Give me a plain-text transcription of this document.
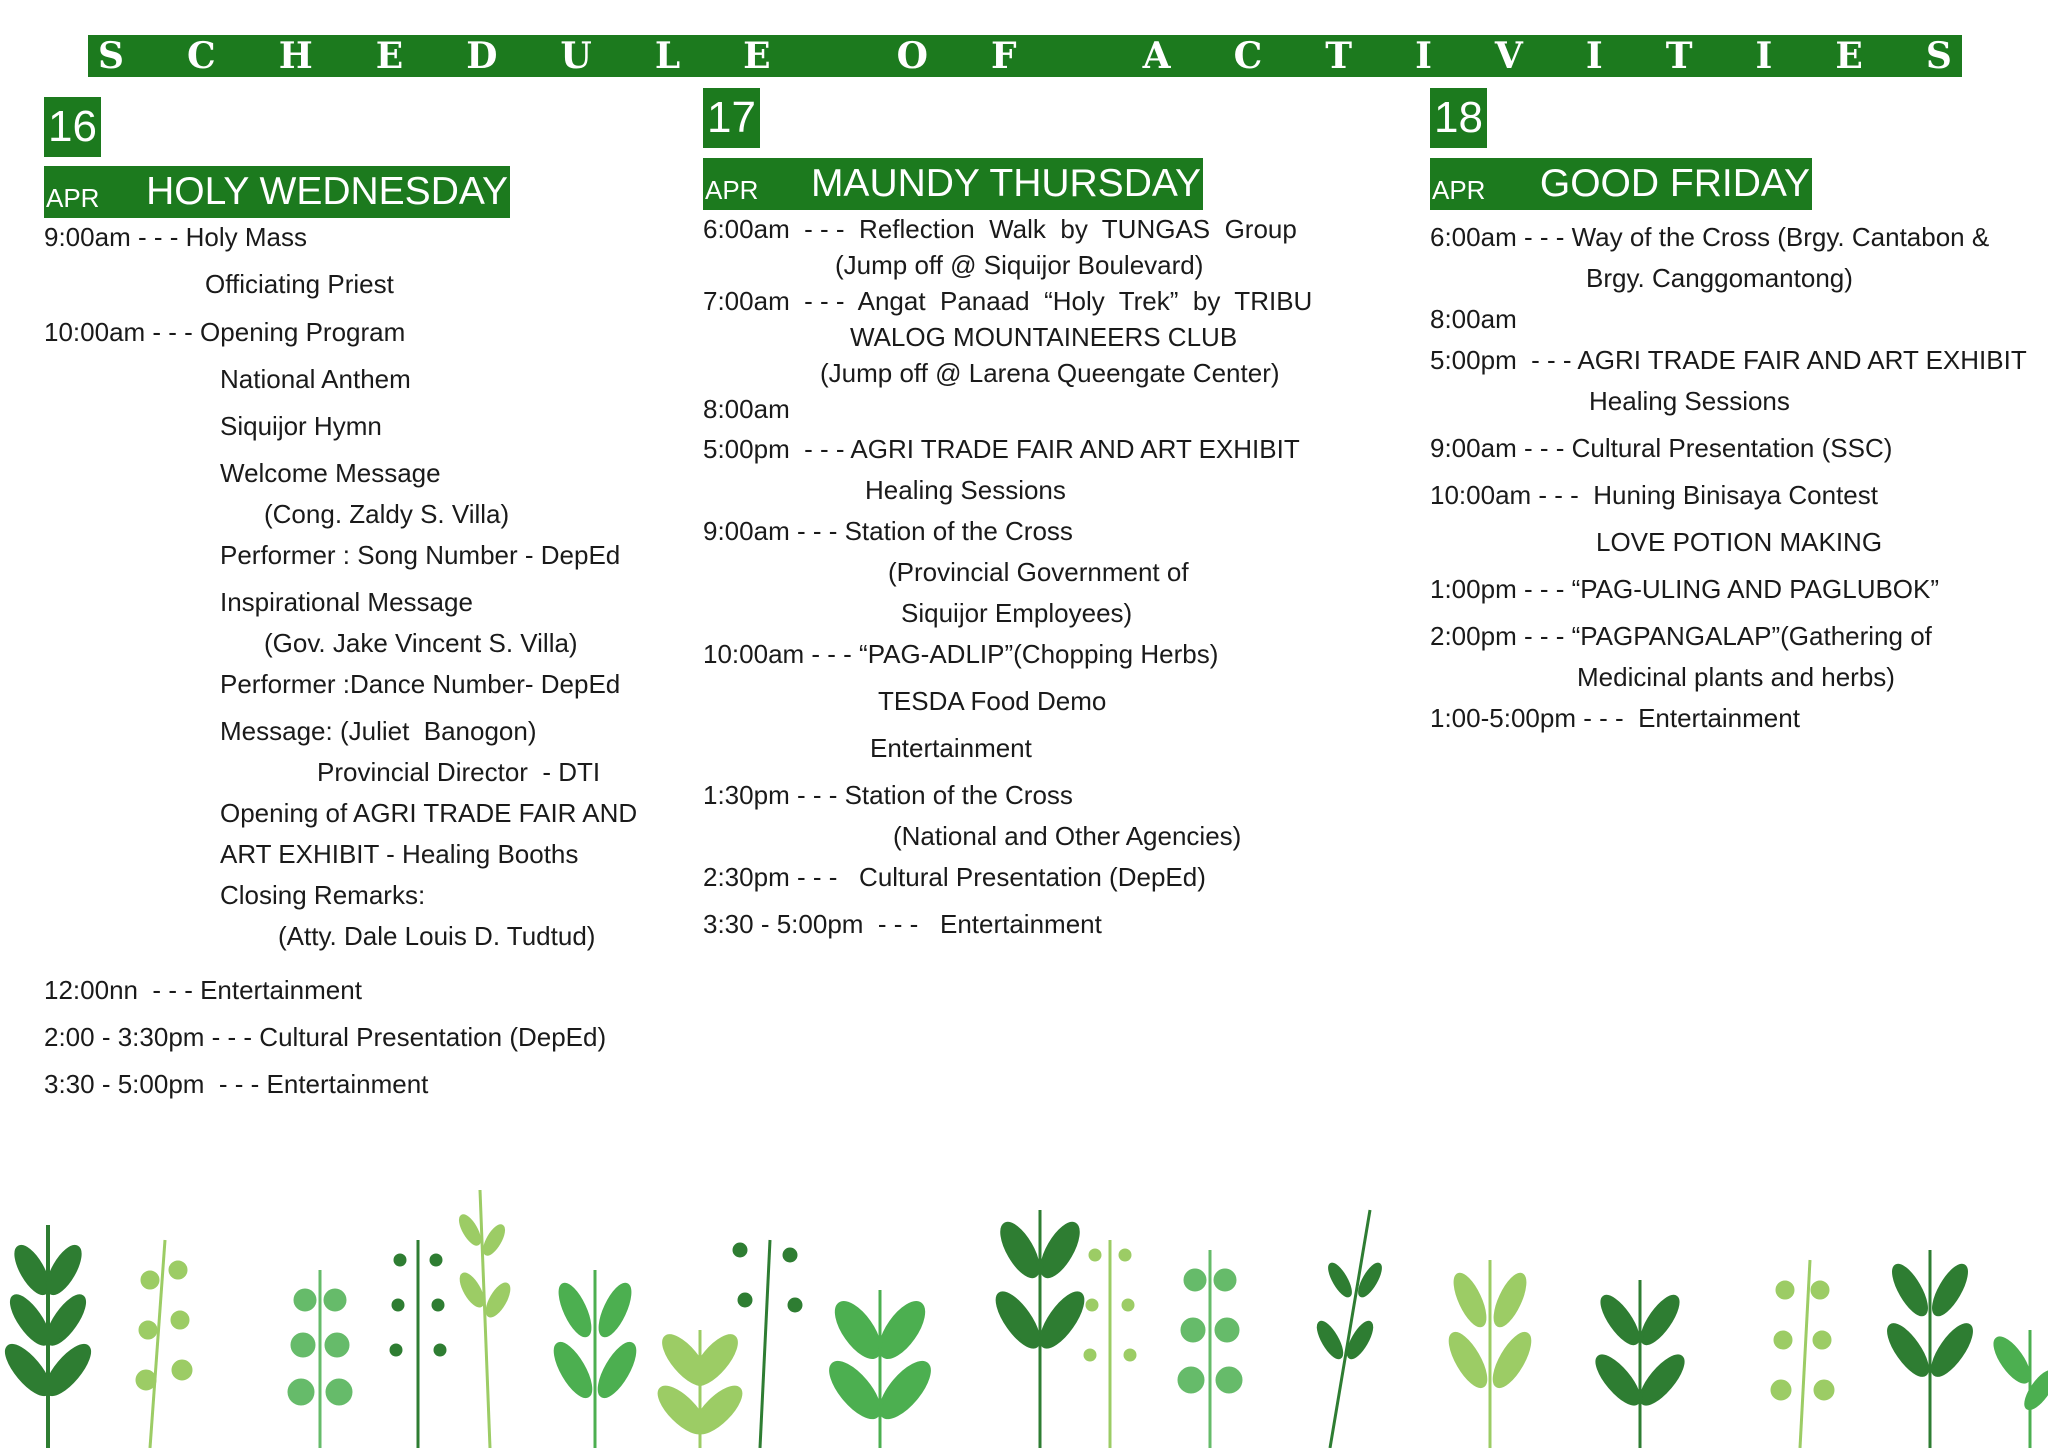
S C H E D U L E	O F	A C T I V I T I E S
16
APR HOLY WEDNESDAY
9:00am - - - Holy Mass
Officiating Priest
10:00am - - - Opening Program
National Anthem
Siquijor Hymn
Welcome Message
(Cong. Zaldy S. Villa)
Performer : Song Number - DepEd
Inspirational Message
(Gov. Jake Vincent S. Villa)
Performer :Dance Number- DepEd
Message: (Juliet  Banogon)
Provincial Director  - DTI
Opening of AGRI TRADE FAIR AND
ART EXHIBIT - Healing Booths
Closing Remarks:
(Atty. Dale Louis D. Tudtud)
12:00nn  - - - Entertainment
2:00 - 3:30pm - - - Cultural Presentation (DepEd)
3:30 - 5:00pm  - - - Entertainment
17
APR MAUNDY THURSDAY
6:00am  - - -  Reflection  Walk  by  TUNGAS  Group
(Jump off @ Siquijor Boulevard)
7:00am  - - -  Angat  Panaad  “Holy  Trek”  by  TRIBU
WALOG MOUNTAINEERS CLUB
(Jump off @ Larena Queengate Center)
8:00am
5:00pm  - - - AGRI TRADE FAIR AND ART EXHIBIT
Healing Sessions
9:00am - - - Station of the Cross
(Provincial Government of
Siquijor Employees)
10:00am - - - “PAG-ADLIP”(Chopping Herbs)
TESDA Food Demo
Entertainment
1:30pm - - - Station of the Cross
(National and Other Agencies)
2:30pm - - -   Cultural Presentation (DepEd)
3:30 - 5:00pm  - - -   Entertainment
18
APR GOOD FRIDAY
6:00am - - - Way of the Cross (Brgy. Cantabon &
Brgy. Canggomantong)
8:00am
5:00pm  - - - AGRI TRADE FAIR AND ART EXHIBIT
Healing Sessions
9:00am - - - Cultural Presentation (SSC)
10:00am - - -  Huning Binisaya Contest
LOVE POTION MAKING
1:00pm - - - “PAG-ULING AND PAGLUBOK”
2:00pm - - - “PAGPANGALAP”(Gathering of
Medicinal plants and herbs)
1:00-5:00pm - - -  Entertainment
